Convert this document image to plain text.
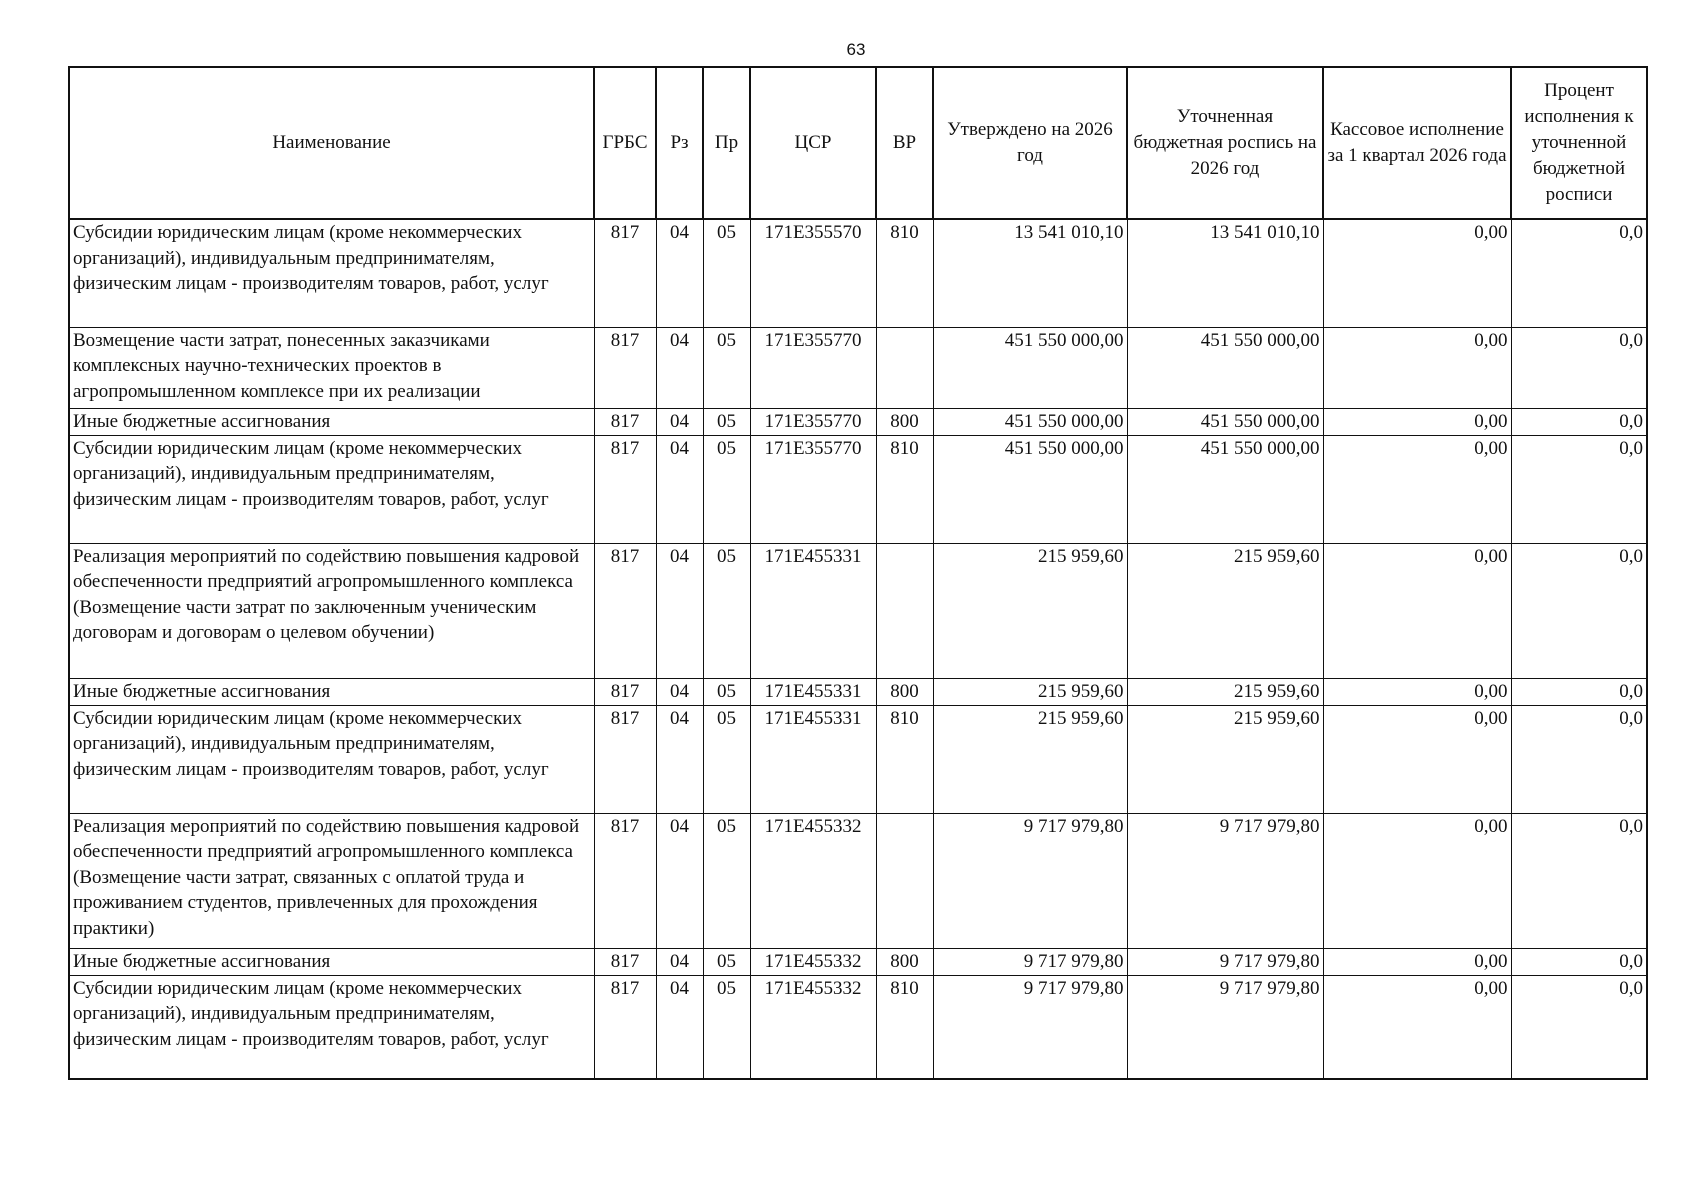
63
Наименование	ГРБС	Рз	Пр	ЦСР	ВР	Утверждено на 2026 год	Уточненная бюджетная роспись на 2026 год	Кассовое исполнение за 1 квартал 2026 года	Процент исполнения к уточненной бюджетной росписи
Субсидии юридическим лицам (кроме некоммерческих организаций), индивидуальным предпринимателям, физическим лицам - производителям товаров, работ, услуг	817	04	05	171E355570	810	13 541 010,10	13 541 010,10	0,00	0,0
Возмещение части затрат, понесенных заказчиками комплексных научно-технических проектов в агропромышленном комплексе при их реализации	817	04	05	171E355770		451 550 000,00	451 550 000,00	0,00	0,0
Иные бюджетные ассигнования	817	04	05	171E355770	800	451 550 000,00	451 550 000,00	0,00	0,0
Субсидии юридическим лицам (кроме некоммерческих организаций), индивидуальным предпринимателям, физическим лицам - производителям товаров, работ, услуг	817	04	05	171E355770	810	451 550 000,00	451 550 000,00	0,00	0,0
Реализация мероприятий по содействию повышения кадровой обеспеченности предприятий агропромышленного комплекса (Возмещение части затрат по заключенным ученическим договорам и договорам о целевом обучении)	817	04	05	171E455331		215 959,60	215 959,60	0,00	0,0
Иные бюджетные ассигнования	817	04	05	171E455331	800	215 959,60	215 959,60	0,00	0,0
Субсидии юридическим лицам (кроме некоммерческих организаций), индивидуальным предпринимателям, физическим лицам - производителям товаров, работ, услуг	817	04	05	171E455331	810	215 959,60	215 959,60	0,00	0,0
Реализация мероприятий по содействию повышения кадровой обеспеченности предприятий агропромышленного комплекса (Возмещение части затрат, связанных с оплатой труда и проживанием студентов, привлеченных для прохождения практики)	817	04	05	171E455332		9 717 979,80	9 717 979,80	0,00	0,0
Иные бюджетные ассигнования	817	04	05	171E455332	800	9 717 979,80	9 717 979,80	0,00	0,0
Субсидии юридическим лицам (кроме некоммерческих организаций), индивидуальным предпринимателям, физическим лицам - производителям товаров, работ, услуг	817	04	05	171E455332	810	9 717 979,80	9 717 979,80	0,00	0,0
